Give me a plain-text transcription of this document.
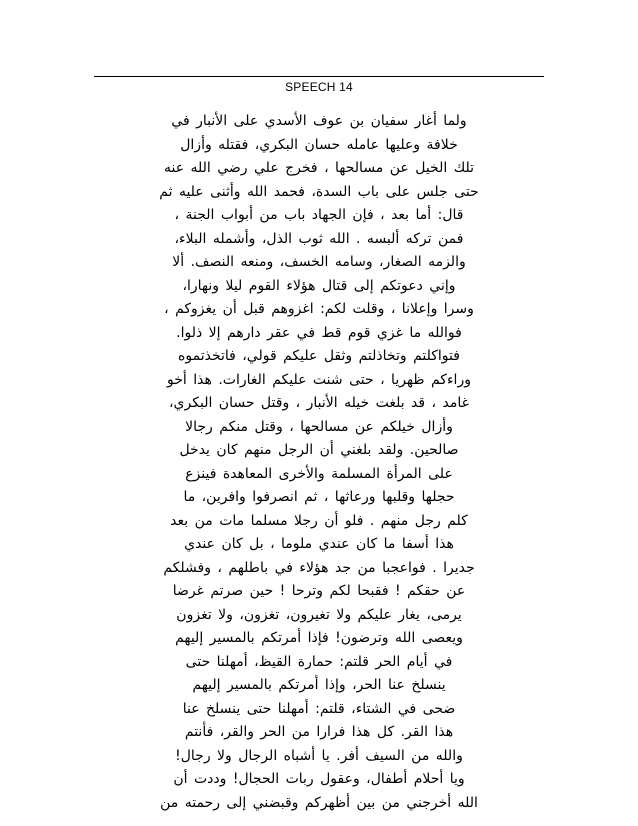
SPEECH 14
ولما أغار سفيان بن عوف الأسدي على الأنبار في
خلافة وعليها عامله حسان البكري، فقتله وأزال
تلك الخيل عن مسالحها ، فخرج علي رضي الله عنه
حتى جلس على باب السدة، فحمد الله وأثنى عليه ثم
قال: أما بعد ، فإن الجهاد باب من أبواب الجنة ،
فمن تركه ألبسه . الله ثوب الذل، وأشمله البلاء،
والزمه الصغار، وسامه الخسف، ومنعه النصف. ألا
وإني دعوتكم إلى قتال هؤلاء القوم ليلا ونهارا،
وسرا وإعلانا ، وقلت لكم: اغزوهم قبل أن يغزوكم ،
فوالله ما غزي قوم قط في عقر دارهم إلا ذلوا.
فتواكلتم وتخاذلتم وثقل عليكم قولي، فاتخذتموه
وراءكم ظهريا ، حتى شنت عليكم الغارات. هذا أخو
غامد ، قد بلغت خيله الأنبار ، وقتل حسان البكري،
وأزال خيلكم عن مسالحها ، وقتل منكم رجالا
صالحين. ولقد بلغني أن الرجل منهم كان يدخل
على المرأة المسلمة والأخرى المعاهدة فينزع
حجلها وقلبها ورعاثها ، ثم انصرفوا وافرين، ما
كلم رجل منهم . فلو أن رجلا مسلما مات من بعد
هذا أسفا ما كان عندي ملوما ، بل كان عندي
جديرا . فواعجبا من جد هؤلاء في باطلهم ، وفشلكم
عن حقكم ! فقبحا لكم وترحا ! حين صرتم غرضا
يرمى، يغار عليكم ولا تغيرون، تغزون، ولا تغزون
ويعصى الله وترضون! فإذا أمرتكم بالمسير إليهم
في أيام الحر قلتم: حمارة القيظ، أمهلنا حتى
ينسلخ عنا الحر، وإذا أمرتكم بالمسير إليهم
ضحى في الشتاء، قلتم: أمهلنا حتى ينسلخ عنا
هذا القر. كل هذا فرارا من الحر والقر، فأنتم
والله من السيف أفر. يا أشباه الرجال ولا رجال!
ويا أحلام أطفال، وعقول ربات الحجال! وددت أن
الله أخرجني من بين أظهركم وقبضني إلى رحمته من
